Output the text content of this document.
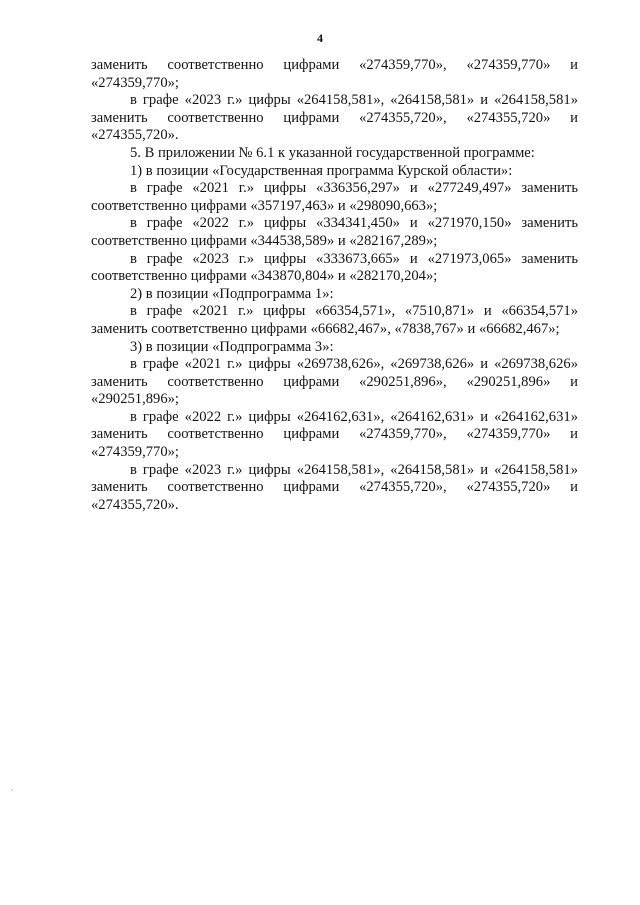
4

заменить соответственно цифрами «274359,770», «274359,770» и «274359,770»;

в графе «2023 г.» цифры «264158,581», «264158,581» и «264158,581» заменить соответственно цифрами «274355,720», «274355,720» и «274355,720».

5. В приложении № 6.1 к указанной государственной программе:

1) в позиции «Государственная программа Курской области»:

в графе «2021 г.» цифры «336356,297» и «277249,497» заменить соответственно цифрами «357197,463» и «298090,663»;

в графе «2022 г.» цифры «334341,450» и «271970,150» заменить соответственно цифрами «344538,589» и «282167,289»;

в графе «2023 г.» цифры «333673,665» и «271973,065» заменить соответственно цифрами «343870,804» и «282170,204»;

2) в позиции «Подпрограмма 1»:

в графе «2021 г.» цифры «66354,571», «7510,871» и «66354,571» заменить соответственно цифрами «66682,467», «7838,767» и «66682,467»;

3) в позиции «Подпрограмма 3»:

в графе «2021 г.» цифры «269738,626», «269738,626» и «269738,626» заменить соответственно цифрами «290251,896», «290251,896» и «290251,896»;

в графе «2022 г.» цифры «264162,631», «264162,631» и «264162,631» заменить соответственно цифрами «274359,770», «274359,770» и «274359,770»;

в графе «2023 г.» цифры «264158,581», «264158,581» и «264158,581» заменить соответственно цифрами «274355,720», «274355,720» и «274355,720».
